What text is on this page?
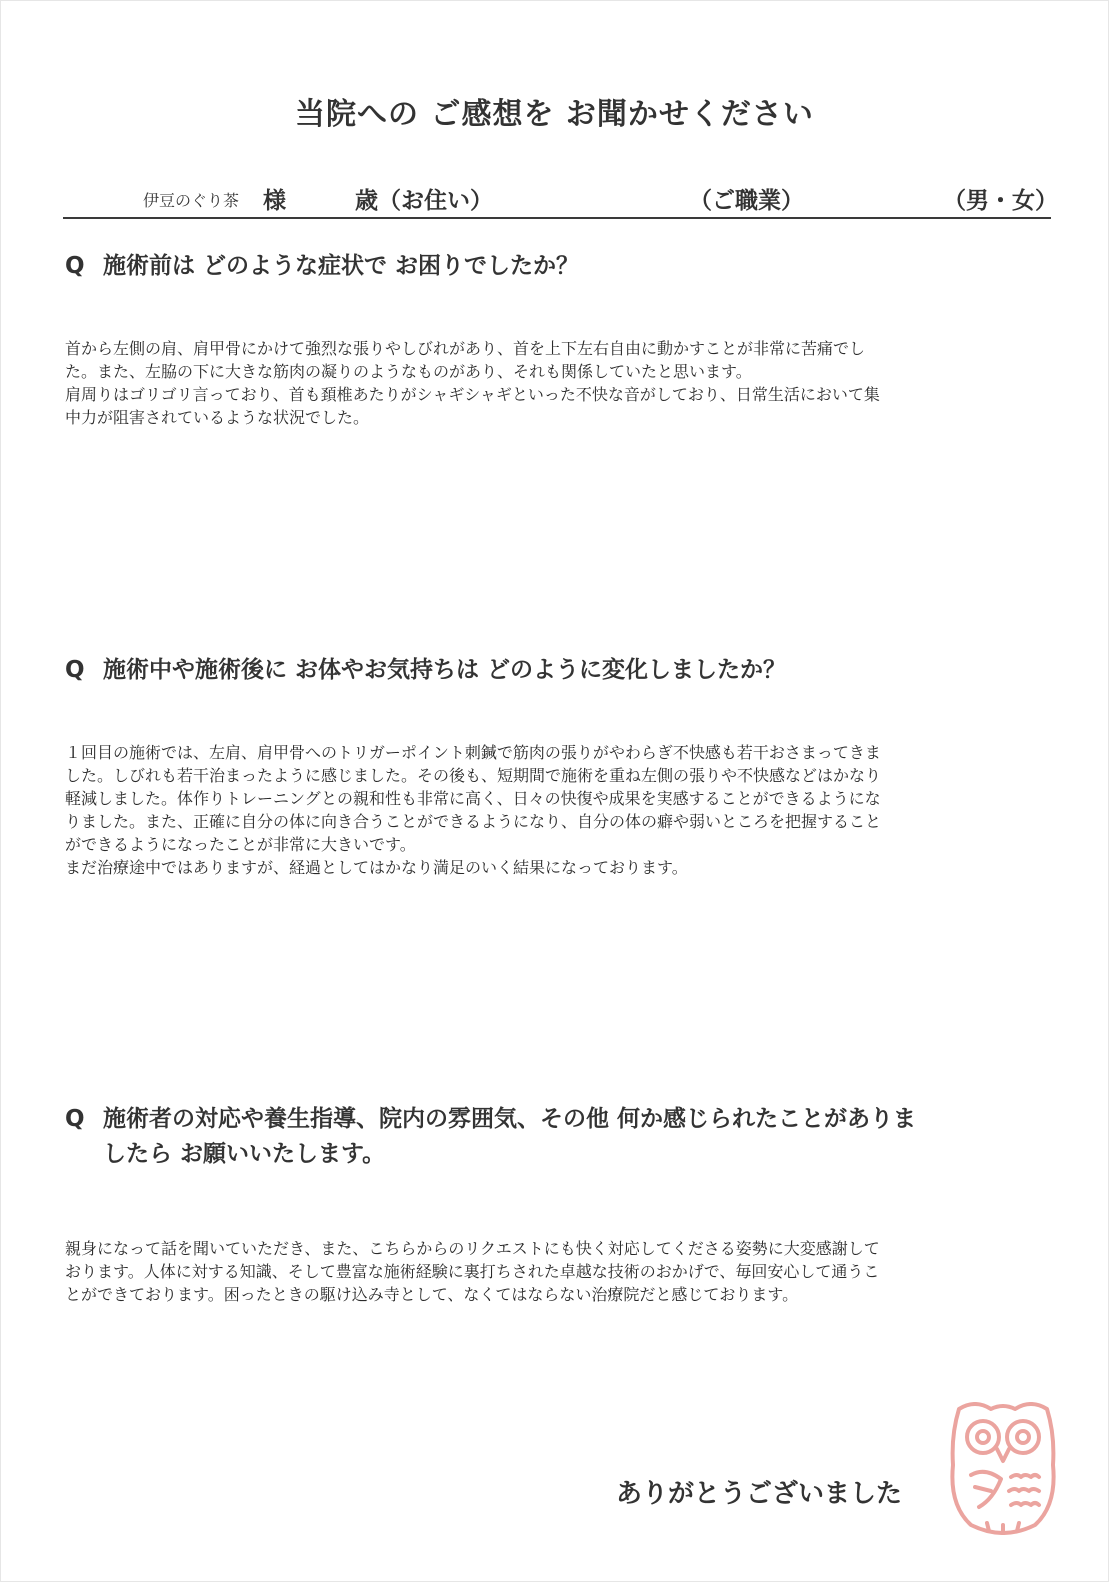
当院への ご感想を お聞かせください
伊豆のぐり茶 様	歳（お住い）	（ご職業）	（男・女）
Q 施術前は どのような症状で お困りでしたか？

首から左側の肩、肩甲骨にかけて強烈な張りやしびれがあり、首を上下左右自由に動かすことが非常に苦痛でし

た。また、左脇の下に大きな筋肉の凝りのようなものがあり、それも関係していたと思います。

肩周りはゴリゴリ言っており、首も頚椎あたりがシャギシャギといった不快な音がしており、日常生活において集

中力が阻害されているような状況でした。

Q 施術中や施術後に お体やお気持ちは どのように変化しましたか？

１回目の施術では、左肩、肩甲骨へのトリガーポイント刺鍼で筋肉の張りがやわらぎ不快感も若干おさまってきま

した。しびれも若干治まったように感じました。その後も、短期間で施術を重ね左側の張りや不快感などはかなり

軽減しました。体作りトレーニングとの親和性も非常に高く、日々の快復や成果を実感することができるようにな

りました。また、正確に自分の体に向き合うことができるようになり、自分の体の癖や弱いところを把握すること

ができるようになったことが非常に大きいです。

まだ治療途中ではありますが、経過としてはかなり満足のいく結果になっております。

Q 施術者の対応や養生指導、院内の雰囲気、その他 何か感じられたことがありま
したら お願いいたします。

親身になって話を聞いていただき、また、こちらからのリクエストにも快く対応してくださる姿勢に大変感謝して

おります。人体に対する知識、そして豊富な施術経験に裏打ちされた卓越な技術のおかげで、毎回安心して通うこ

とができております。困ったときの駆け込み寺として、なくてはならない治療院だと感じております。

ありがとうございました
